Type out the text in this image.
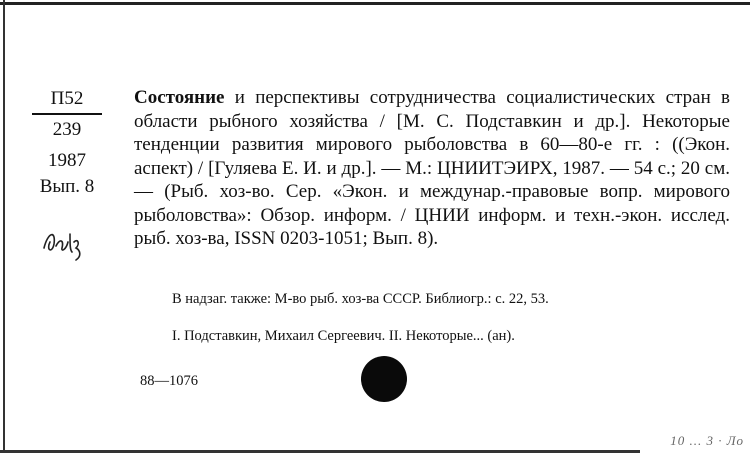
П52
239
1987
Вып. 8
Состояние и перспективы сотрудничества социалистических стран в области рыбного хозяйства / [М. С. Подставкин и др.]. Некоторые тенденции развития мирового рыболовства в 60—80-е гг. : ((Экон. аспект) / [Гуляева Е. И. и др.]. — М.: ЦНИИТЭИРХ, 1987. — 54 с.; 20 см. — (Рыб. хоз-во. Сер. «Экон. и междунар.-правовые вопр. мирового рыболовства»: Обзор. информ. / ЦНИИ информ. и техн.-экон. исслед. рыб. хоз-ва, ISSN 0203-1051; Вып. 8).
В надзаг. также: М-во рыб. хоз-ва СССР. Библиогр.: с. 22, 53.
I. Подставкин, Михаил Сергеевич. II. Некоторые... (ан).
88—1076
10 ... 3 · Ло
